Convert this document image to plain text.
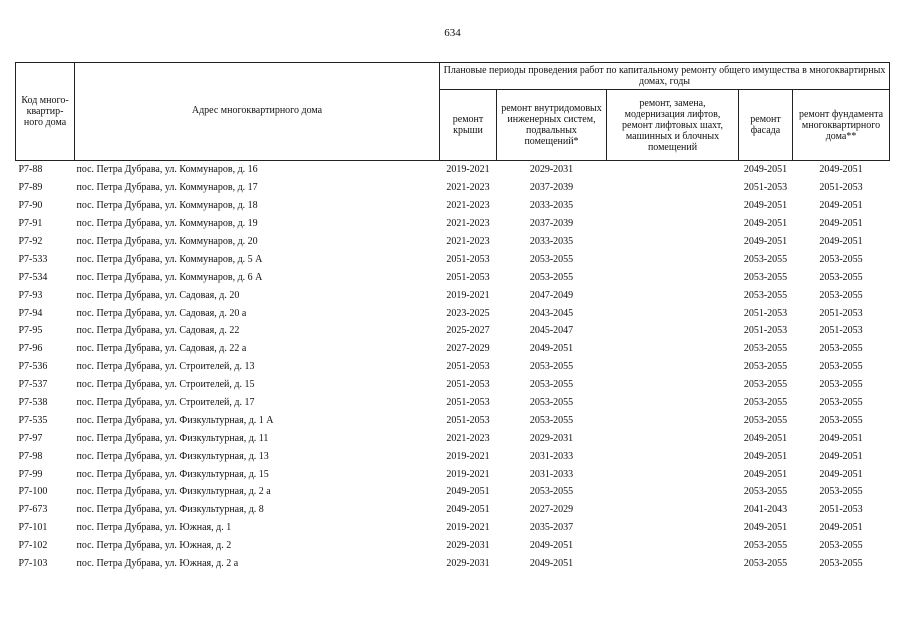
634
Код много-квартир-ного дома	Адрес многоквартирного дома	Плановые периоды проведения работ по капитальному ремонту общего имущества в многоквартирных домах, годы				
		ремонт крыши	ремонт внутридомовых инженерных систем, подвальных помещений*	ремонт, замена, модернизация лифтов, ремонт лифтовых шахт, машинных и блочных помещений	ремонт фасада	ремонт фундамента многоквартирного дома**
Р7-88	пос. Петра Дубрава, ул. Коммунаров, д. 16	2019-2021	2029-2031		2049-2051	2049-2051
Р7-89	пос. Петра Дубрава, ул. Коммунаров, д. 17	2021-2023	2037-2039		2051-2053	2051-2053
Р7-90	пос. Петра Дубрава, ул. Коммунаров, д. 18	2021-2023	2033-2035		2049-2051	2049-2051
Р7-91	пос. Петра Дубрава, ул. Коммунаров, д. 19	2021-2023	2037-2039		2049-2051	2049-2051
Р7-92	пос. Петра Дубрава, ул. Коммунаров, д. 20	2021-2023	2033-2035		2049-2051	2049-2051
Р7-533	пос. Петра Дубрава, ул. Коммунаров, д. 5 А	2051-2053	2053-2055		2053-2055	2053-2055
Р7-534	пос. Петра Дубрава, ул. Коммунаров, д. 6 А	2051-2053	2053-2055		2053-2055	2053-2055
Р7-93	пос. Петра Дубрава, ул. Садовая, д. 20	2019-2021	2047-2049		2053-2055	2053-2055
Р7-94	пос. Петра Дубрава, ул. Садовая, д. 20 а	2023-2025	2043-2045		2051-2053	2051-2053
Р7-95	пос. Петра Дубрава, ул. Садовая, д. 22	2025-2027	2045-2047		2051-2053	2051-2053
Р7-96	пос. Петра Дубрава, ул. Садовая, д. 22 а	2027-2029	2049-2051		2053-2055	2053-2055
Р7-536	пос. Петра Дубрава, ул. Строителей, д. 13	2051-2053	2053-2055		2053-2055	2053-2055
Р7-537	пос. Петра Дубрава, ул. Строителей, д. 15	2051-2053	2053-2055		2053-2055	2053-2055
Р7-538	пос. Петра Дубрава, ул. Строителей, д. 17	2051-2053	2053-2055		2053-2055	2053-2055
Р7-535	пос. Петра Дубрава, ул. Физкультурная, д. 1 А	2051-2053	2053-2055		2053-2055	2053-2055
Р7-97	пос. Петра Дубрава, ул. Физкультурная, д. 11	2021-2023	2029-2031		2049-2051	2049-2051
Р7-98	пос. Петра Дубрава, ул. Физкультурная, д. 13	2019-2021	2031-2033		2049-2051	2049-2051
Р7-99	пос. Петра Дубрава, ул. Физкультурная, д. 15	2019-2021	2031-2033		2049-2051	2049-2051
Р7-100	пос. Петра Дубрава, ул. Физкультурная, д. 2 а	2049-2051	2053-2055		2053-2055	2053-2055
Р7-673	пос. Петра Дубрава, ул. Физкультурная, д. 8	2049-2051	2027-2029		2041-2043	2051-2053
Р7-101	пос. Петра Дубрава, ул. Южная, д. 1	2019-2021	2035-2037		2049-2051	2049-2051
Р7-102	пос. Петра Дубрава, ул. Южная, д. 2	2029-2031	2049-2051		2053-2055	2053-2055
Р7-103	пос. Петра Дубрава, ул. Южная, д. 2 а	2029-2031	2049-2051		2053-2055	2053-2055
